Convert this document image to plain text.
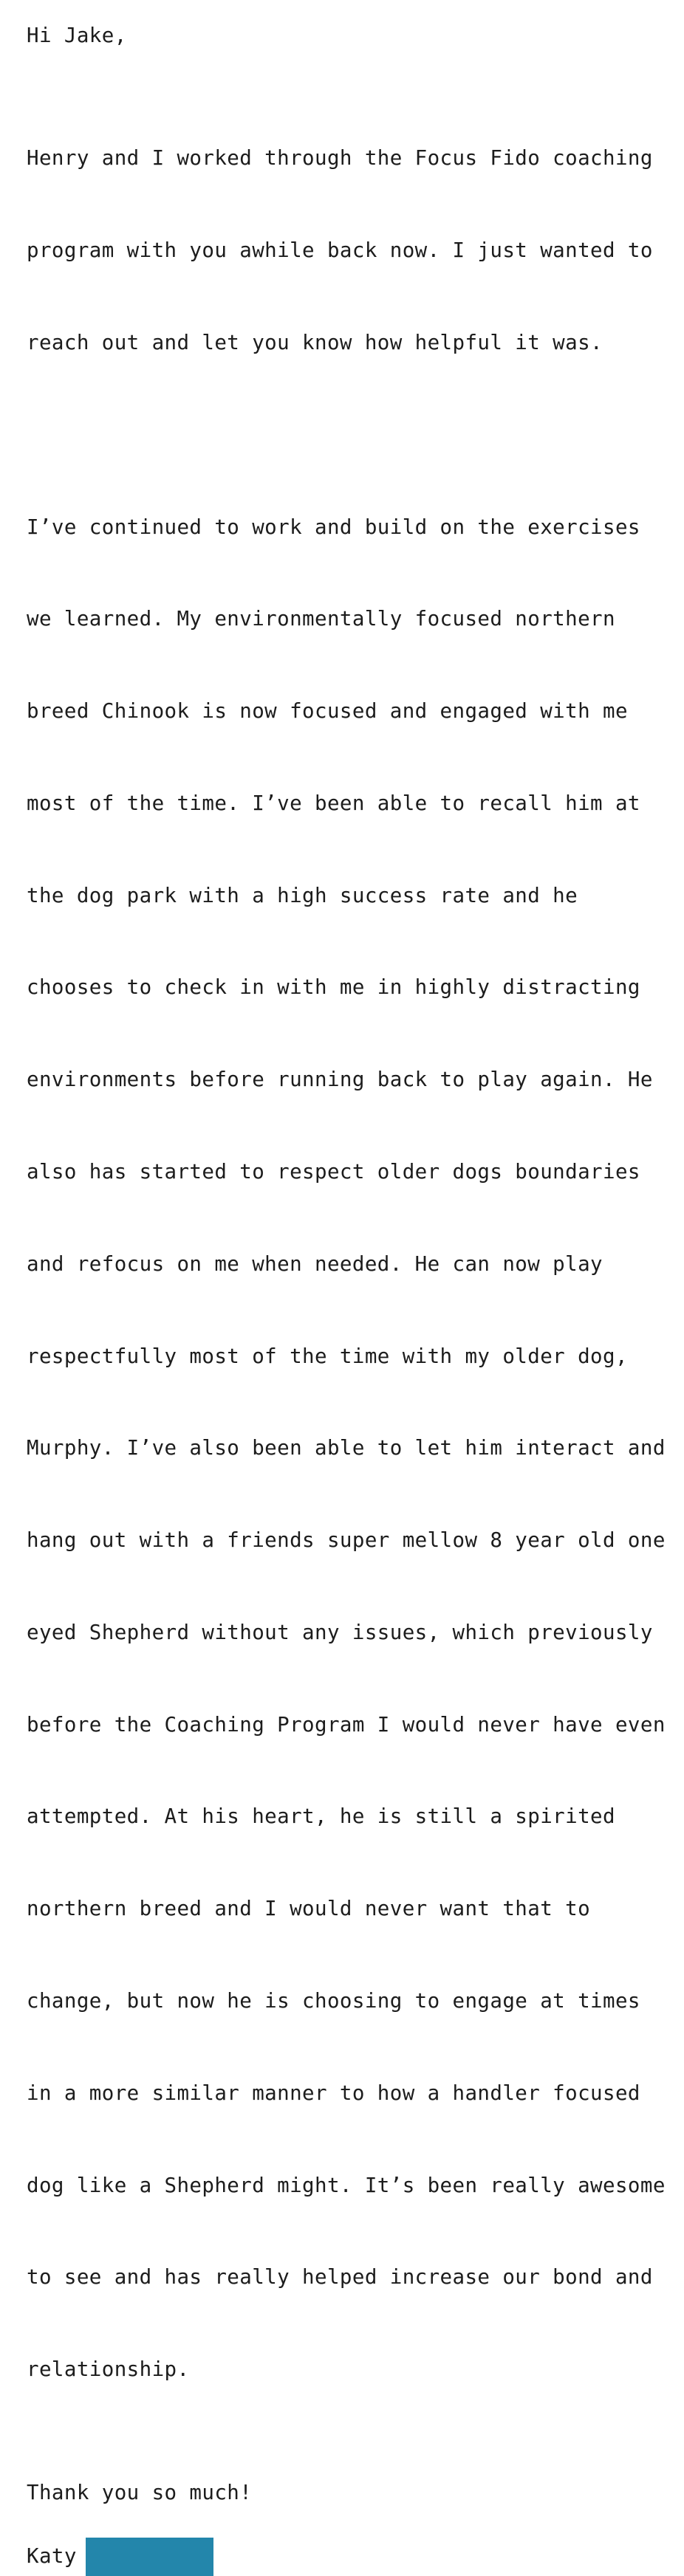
Hi Jake,

Henry and I worked through the Focus Fido coaching

program with you awhile back now. I just wanted to

reach out and let you know how helpful it was.

I’ve continued to work and build on the exercises

we learned. My environmentally focused northern

breed Chinook is now focused and engaged with me

most of the time. I’ve been able to recall him at

the dog park with a high success rate and he

chooses to check in with me in highly distracting

environments before running back to play again. He

also has started to respect older dogs boundaries

and refocus on me when needed. He can now play

respectfully most of the time with my older dog,

Murphy. I’ve also been able to let him interact and

hang out with a friends super mellow 8 year old one

eyed Shepherd without any issues, which previously

before the Coaching Program I would never have even

attempted. At his heart, he is still a spirited

northern breed and I would never want that to

change, but now he is choosing to engage at times

in a more similar manner to how a handler focused

dog like a Shepherd might. It’s been really awesome

to see and has really helped increase our bond and

relationship.

Thank you so much!
Katy
